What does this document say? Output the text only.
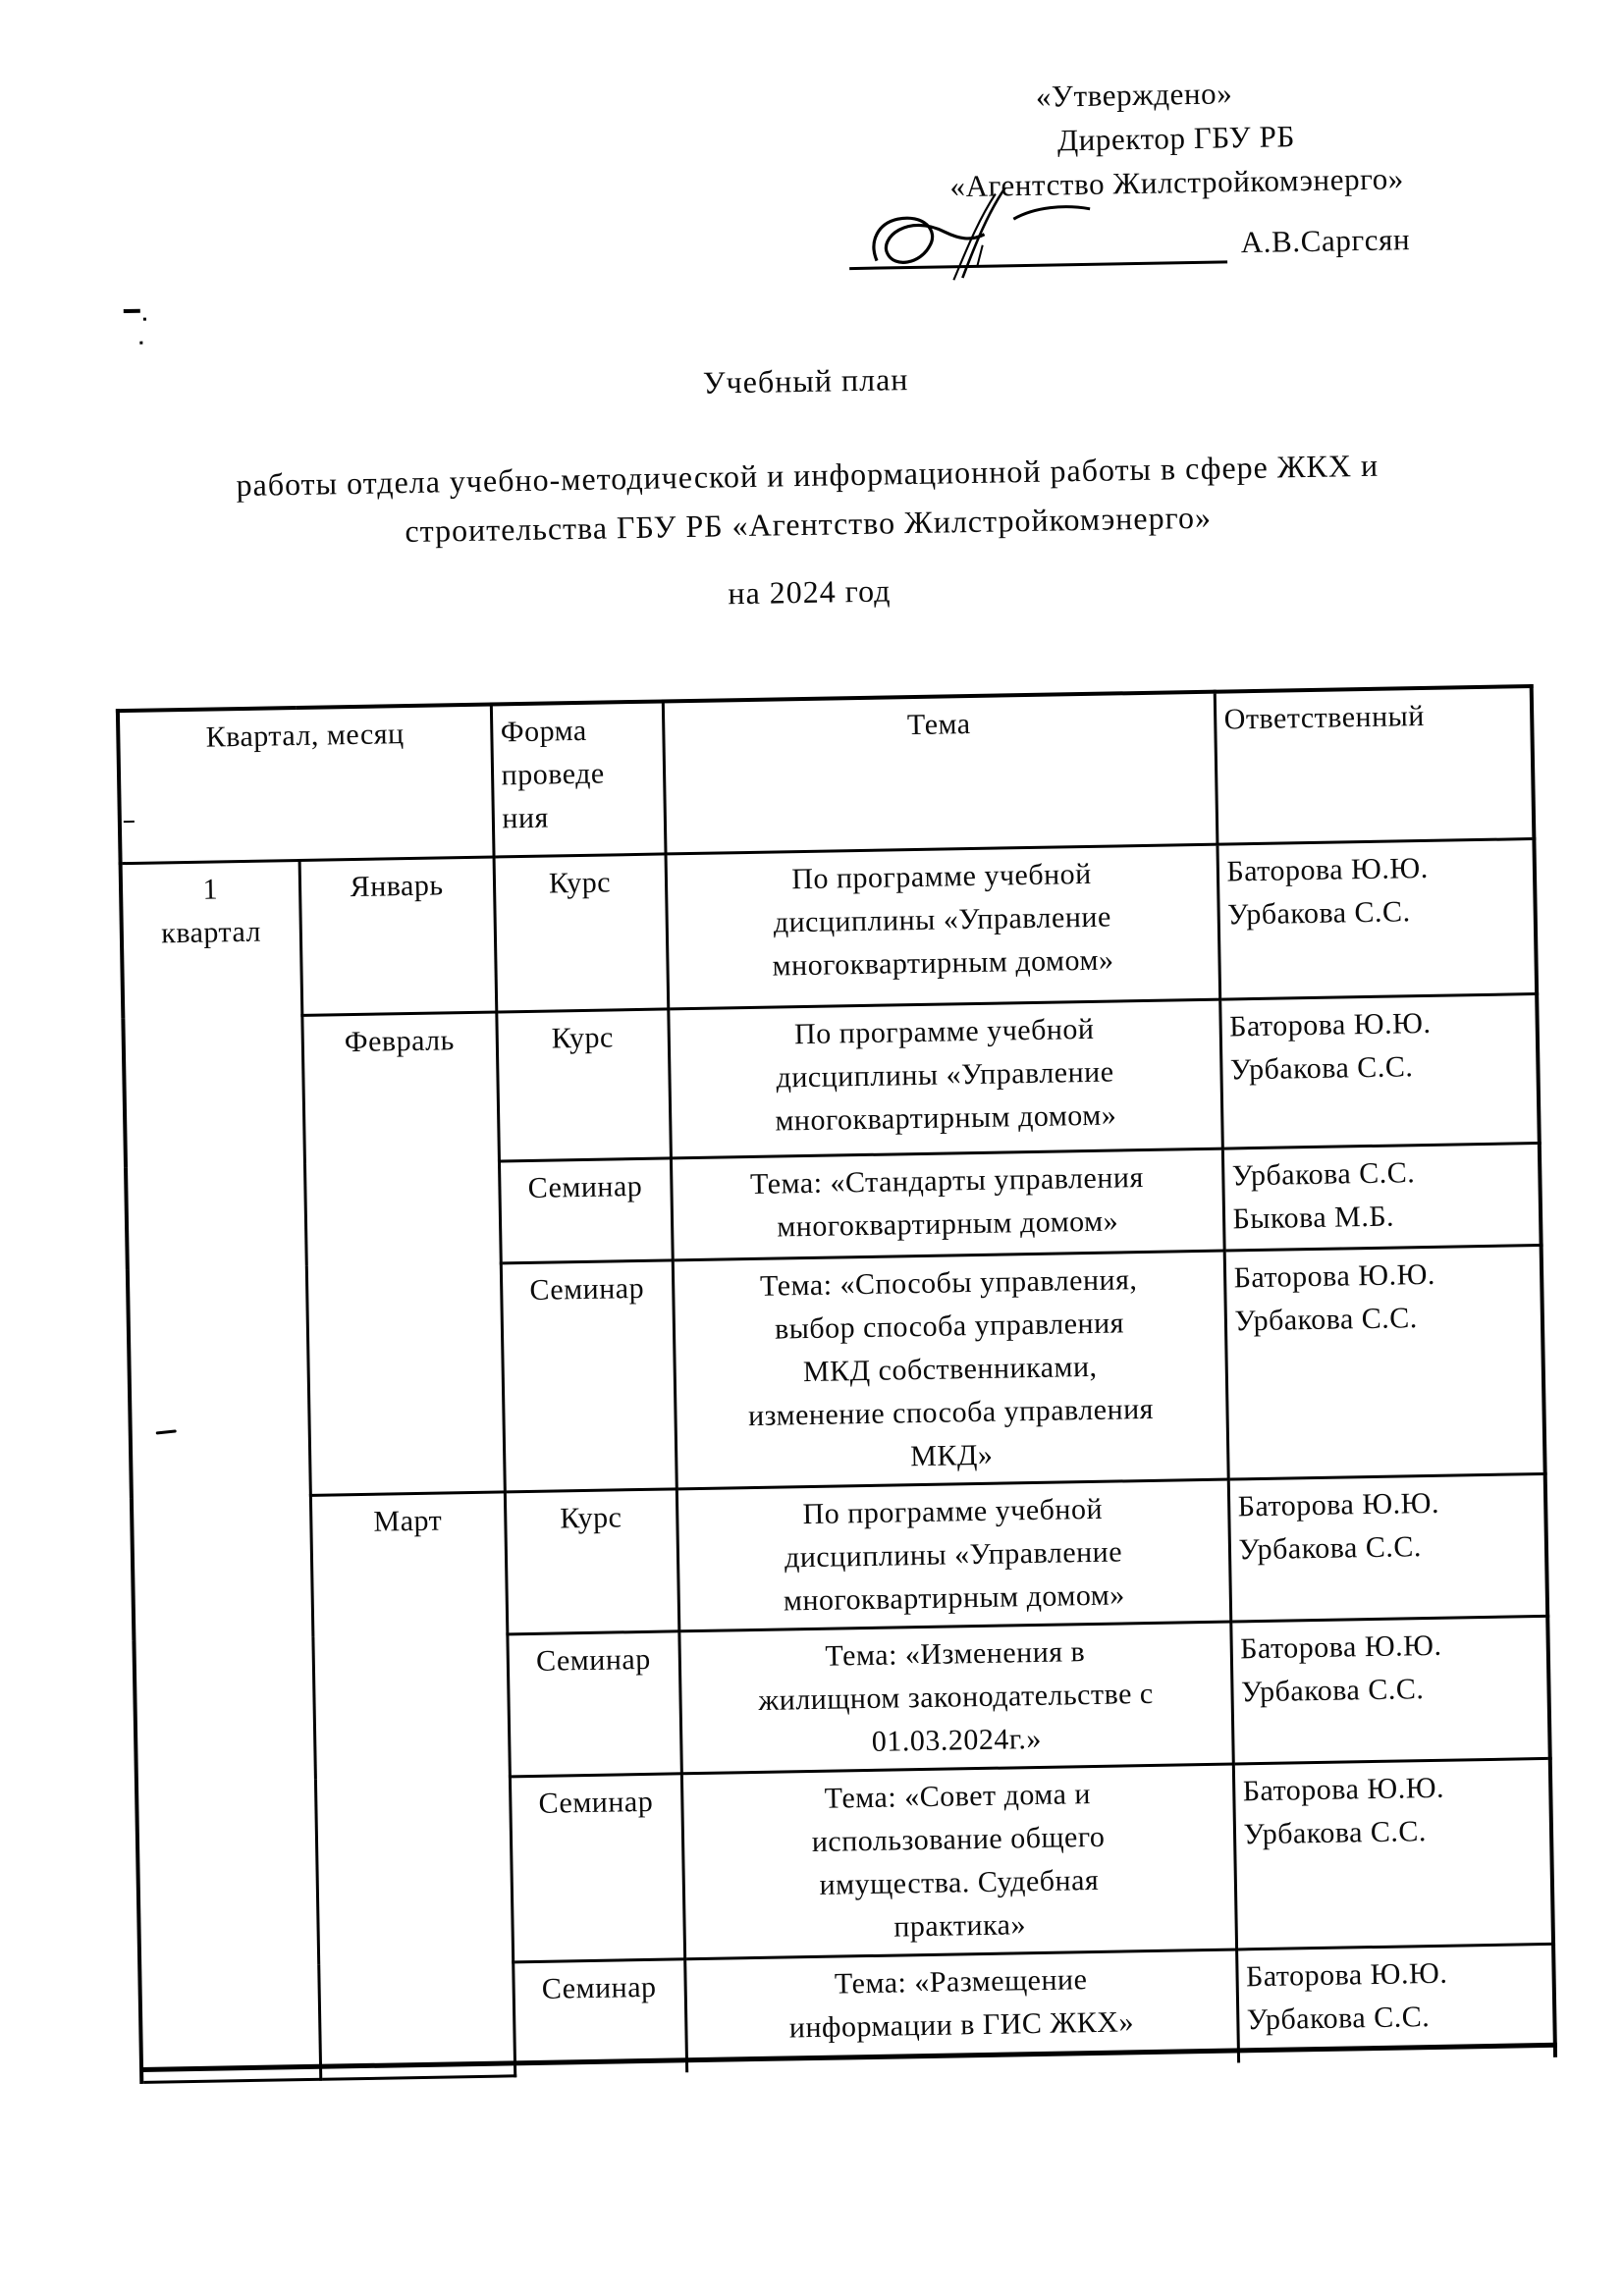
«Утверждено»
Директор ГБУ РБ
«Агентство Жилстройкомэнерго»
А.В.Саргсян
Учебный план
работы отдела учебно-методической и информационной работы в сфере ЖКХ и
строительства ГБУ РБ «Агентство Жилстройкомэнерго»
на 2024 год
Квартал, месяц		Форма
проведе
ния	Тема	Ответственный
1
квартал	Январь	Курс	По программе учебной
дисциплины «Управление
многоквартирным домом»	Баторова Ю.Ю.
Урбакова С.С.
	Февраль	Курс	По программе учебной
дисциплины «Управление
многоквартирным домом»	Баторова Ю.Ю.
Урбакова С.С.
		Семинар	Тема: «Стандарты управления
многоквартирным домом»	Урбакова С.С.
Быкова М.Б.
		Семинар	Тема: «Способы управления,
выбор способа управления
МКД собственниками,
изменение способа управления
МКД»	Баторова Ю.Ю.
Урбакова С.С.
	Март	Курс	По программе учебной
дисциплины «Управление
многоквартирным домом»	Баторова Ю.Ю.
Урбакова С.С.
		Семинар	Тема: «Изменения в
жилищном законодательстве с
01.03.2024г.»	Баторова Ю.Ю.
Урбакова С.С.
		Семинар	Тема: «Совет дома и
использование общего
имущества. Судебная
практика»	Баторова Ю.Ю.
Урбакова С.С.
		Семинар	Тема: «Размещение
информации в ГИС ЖКХ»	Баторова Ю.Ю.
Урбакова С.С.
